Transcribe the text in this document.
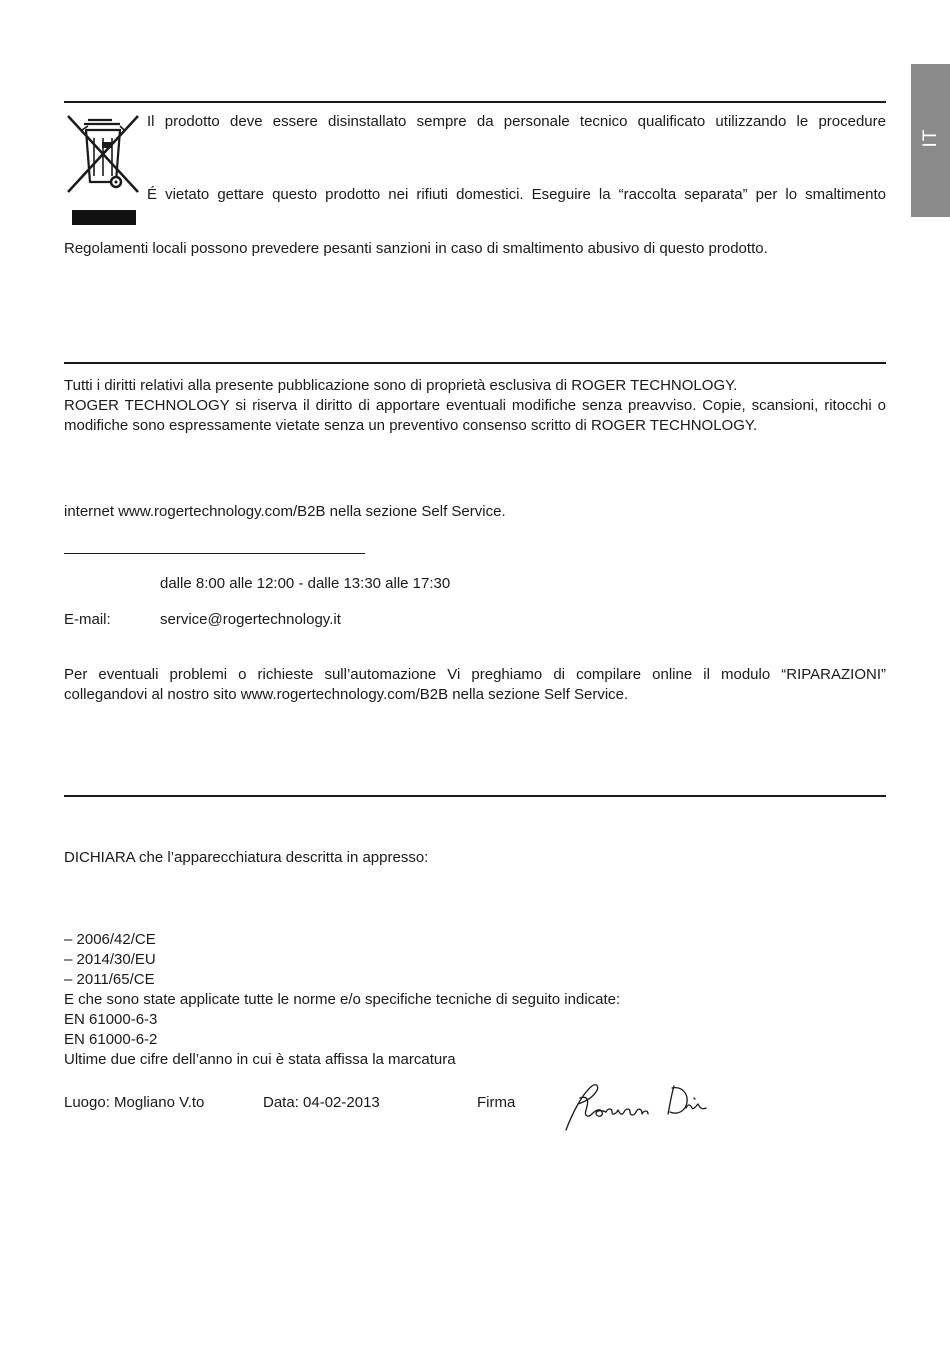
IT
Il prodotto deve essere disinstallato sempre da personale tecnico qualificato utilizzando le procedure
É vietato gettare questo prodotto nei rifiuti domestici. Eseguire la “raccolta separata” per lo smaltimento
Regolamenti locali possono prevedere pesanti sanzioni in caso di smaltimento abusivo di questo prodotto.
Tutti i diritti relativi alla presente pubblicazione sono di proprietà esclusiva di ROGER TECHNOLOGY.
ROGER TECHNOLOGY si riserva il diritto di apportare eventuali modifiche senza preavviso. Copie, scansioni, ritocchi o
modifiche sono espressamente vietate senza un preventivo consenso scritto di ROGER TECHNOLOGY.
internet www.rogertechnology.com/B2B nella sezione Self Service.
dalle 8:00 alle 12:00 - dalle 13:30 alle 17:30
E-mail:	service@rogertechnology.it
Per eventuali problemi o richieste sull’automazione Vi preghiamo di compilare online il modulo “RIPARAZIONI”
collegandovi al nostro sito www.rogertechnology.com/B2B nella sezione Self Service.
DICHIARA che l’apparecchiatura descritta in appresso:
– 2006/42/CE
– 2014/30/EU
– 2011/65/CE
E che sono state applicate tutte le norme e/o specifiche tecniche di seguito indicate:
EN 61000-6-3
EN 61000-6-2
Ultime due cifre dell’anno in cui è stata affissa la marcatura
Luogo: Mogliano V.to	Data: 04-02-2013	Firma
